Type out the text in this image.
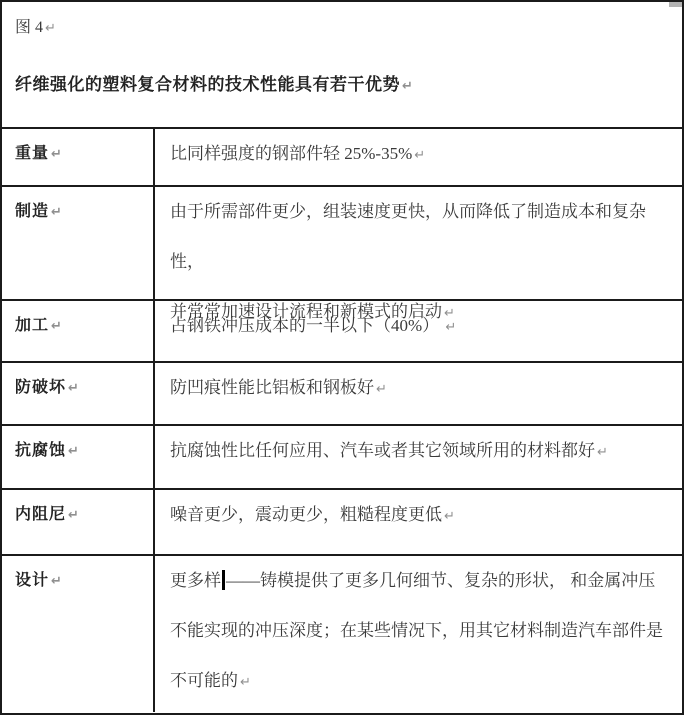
图 4 ↵
纤维强化的塑料复合材料的技术性能具有若干优势 ↵
重量 ↵	比同样强度的钢部件轻 25%-35% ↵
制造 ↵	由于所需部件更少，组装速度更快，从而降低了制造成本和复杂性，
并常常加速设计流程和新模式的启动 ↵
加工 ↵	占钢铁冲压成本的一半以下（40%） ↵
防破坏 ↵	防凹痕性能比铝板和钢板好 ↵
抗腐蚀 ↵	抗腐蚀性比任何应用、汽车或者其它领域所用的材料都好 ↵
内阻尼 ↵	噪音更少，震动更少，粗糙程度更低 ↵
设计 ↵	更多样 ——铸模提供了更多几何细节、复杂的形状， 和金属冲压
不能实现的冲压深度；在某些情况下，用其它材料制造汽车部件是
不可能的 ↵
